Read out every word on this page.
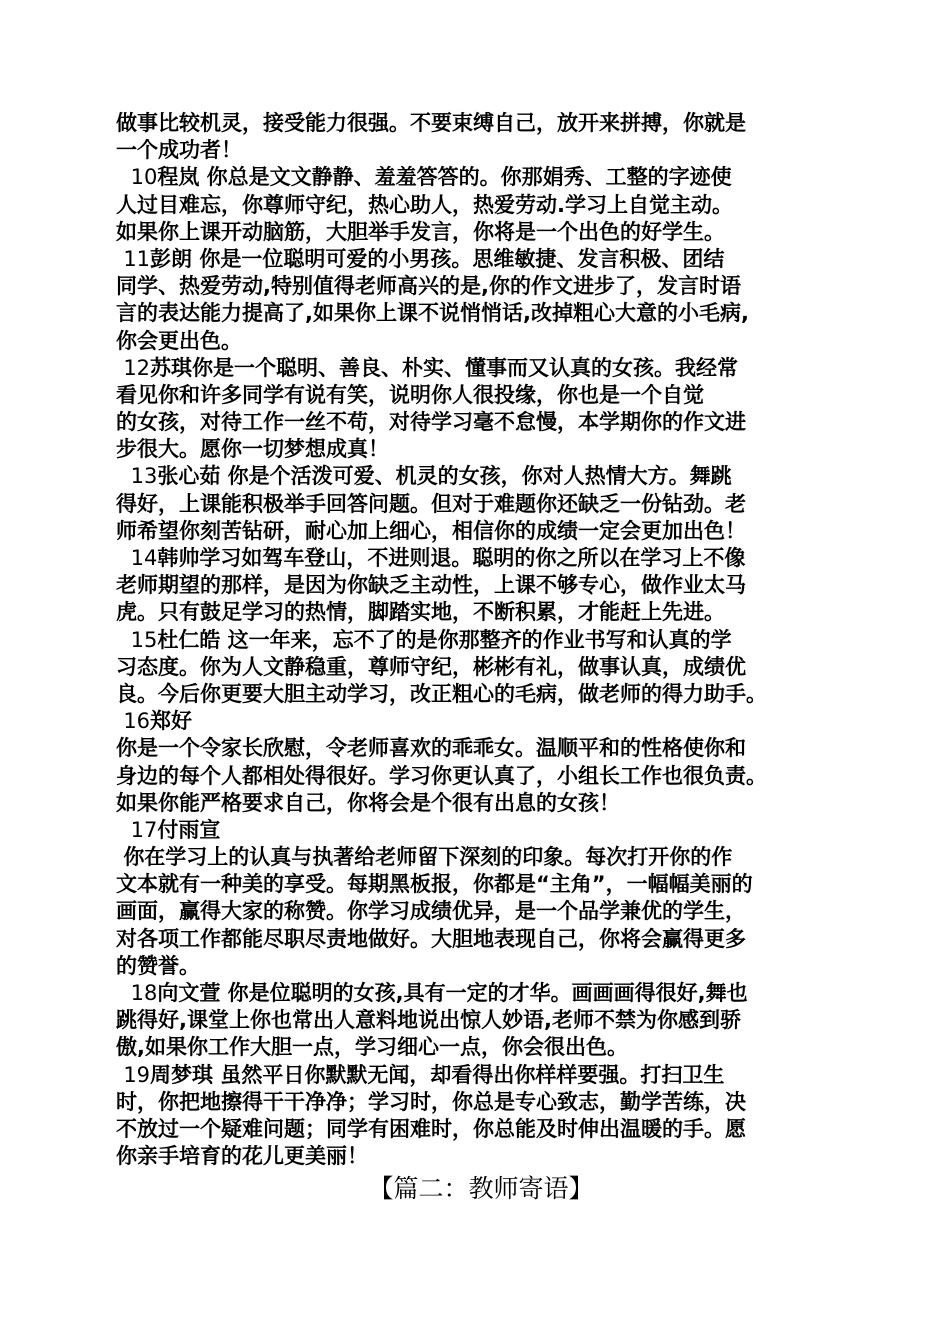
做事比较机灵，接受能力很强。不要束缚自己，放开来拼搏，你就是
一个成功者！
10程岚 你总是文文静静、羞羞答答的。你那娟秀、工整的字迹使
人过目难忘，你尊师守纪，热心助人，热爱劳动.学习上自觉主动。
如果你上课开动脑筋，大胆举手发言，你将是一个出色的好学生。
11彭朗 你是一位聪明可爱的小男孩。思维敏捷、发言积极、团结
同学、热爱劳动,特别值得老师高兴的是,你的作文进步了，发言时语
言的表达能力提高了,如果你上课不说悄悄话,改掉粗心大意的小毛病,
你会更出色。
12苏琪你是一个聪明、善良、朴实、懂事而又认真的女孩。我经常
看见你和许多同学有说有笑，说明你人很投缘，你也是一个自觉
的女孩，对待工作一丝不苟，对待学习毫不怠慢，本学期你的作文进
步很大。愿你一切梦想成真！
13张心茹 你是个活泼可爱、机灵的女孩，你对人热情大方。舞跳
得好，上课能积极举手回答问题。但对于难题你还缺乏一份钻劲。老
师希望你刻苦钻研，耐心加上细心，相信你的成绩一定会更加出色！
14韩帅学习如驾车登山，不进则退。聪明的你之所以在学习上不像
老师期望的那样，是因为你缺乏主动性，上课不够专心，做作业太马
虎。只有鼓足学习的热情，脚踏实地，不断积累，才能赶上先进。
15杜仁皓 这一年来，忘不了的是你那整齐的作业书写和认真的学
习态度。你为人文静稳重，尊师守纪，彬彬有礼，做事认真，成绩优
良。今后你更要大胆主动学习，改正粗心的毛病，做老师的得力助手。
16郑好
你是一个令家长欣慰，令老师喜欢的乖乖女。温顺平和的性格使你和
身边的每个人都相处得很好。学习你更认真了，小组长工作也很负责。
如果你能严格要求自己，你将会是个很有出息的女孩！
17付雨宣
你在学习上的认真与执著给老师留下深刻的印象。每次打开你的作
文本就有一种美的享受。每期黑板报，你都是“主角”，一幅幅美丽的
画面，赢得大家的称赞。你学习成绩优异，是一个品学兼优的学生，
对各项工作都能尽职尽责地做好。大胆地表现自己，你将会赢得更多
的赞誉。
18向文萱 你是位聪明的女孩,具有一定的才华。画画画得很好,舞也
跳得好,课堂上你也常出人意料地说出惊人妙语,老师不禁为你感到骄
傲,如果你工作大胆一点，学习细心一点，你会很出色。
19周梦琪 虽然平日你默默无闻，却看得出你样样要强。打扫卫生
时，你把地擦得干干净净；学习时，你总是专心致志，勤学苦练，决
不放过一个疑难问题；同学有困难时，你总能及时伸出温暖的手。愿
你亲手培育的花儿更美丽！
【篇二：教师寄语】
